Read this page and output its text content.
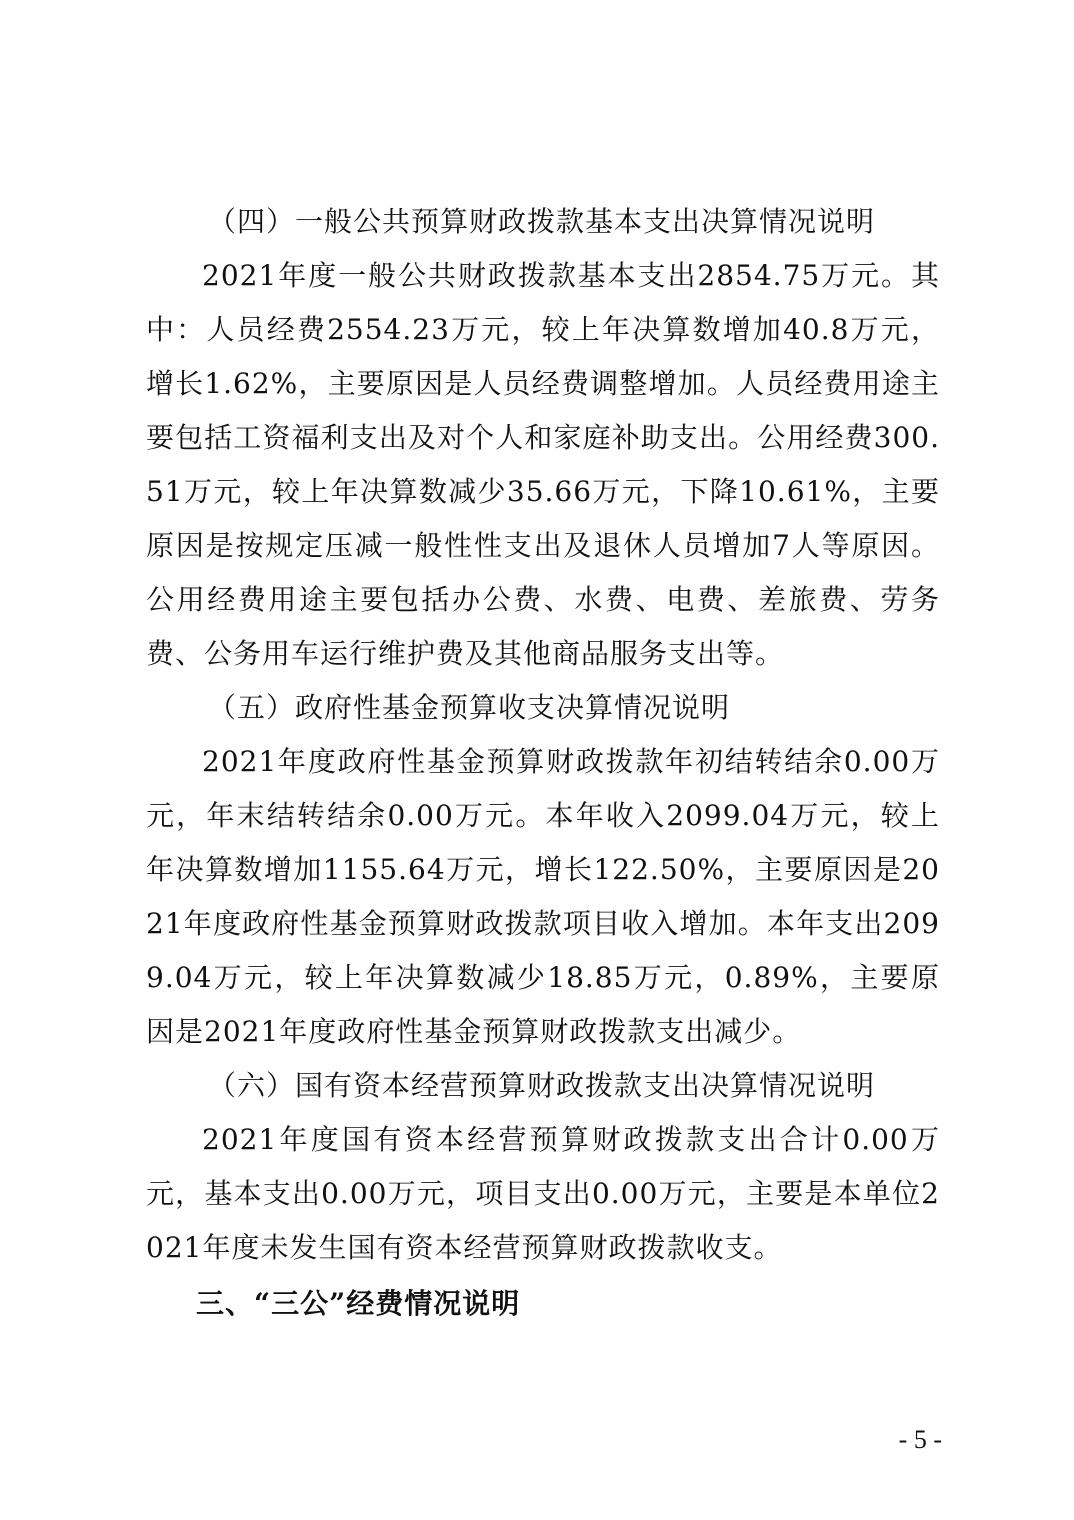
（四）一般公共预算财政拨款基本支出决算情况说明
2021年度一般公共财政拨款基本支出2854.75万元。其中：人员经费2554.23万元，较上年决算数增加40.8万元，增长1.62%，主要原因是人员经费调整增加。人员经费用途主要包括工资福利支出及对个人和家庭补助支出。公用经费300.51万元，较上年决算数减少35.66万元，下降10.61%，主要原因是按规定压减一般性性支出及退休人员增加7人等原因。公用经费用途主要包括办公费、水费、电费、差旅费、劳务费、公务用车运行维护费及其他商品服务支出等。
（五）政府性基金预算收支决算情况说明
2021年度政府性基金预算财政拨款年初结转结余0.00万元，年末结转结余0.00万元。本年收入2099.04万元，较上年决算数增加1155.64万元，增长122.50%，主要原因是2021年度政府性基金预算财政拨款项目收入增加。本年支出2099.04万元，较上年决算数减少18.85万元，0.89%，主要原因是2021年度政府性基金预算财政拨款支出减少。
（六）国有资本经营预算财政拨款支出决算情况说明
2021年度国有资本经营预算财政拨款支出合计0.00万元，基本支出0.00万元，项目支出0.00万元，主要是本单位2021年度未发生国有资本经营预算财政拨款收支。
三、“三公”经费情况说明
- 5 -
